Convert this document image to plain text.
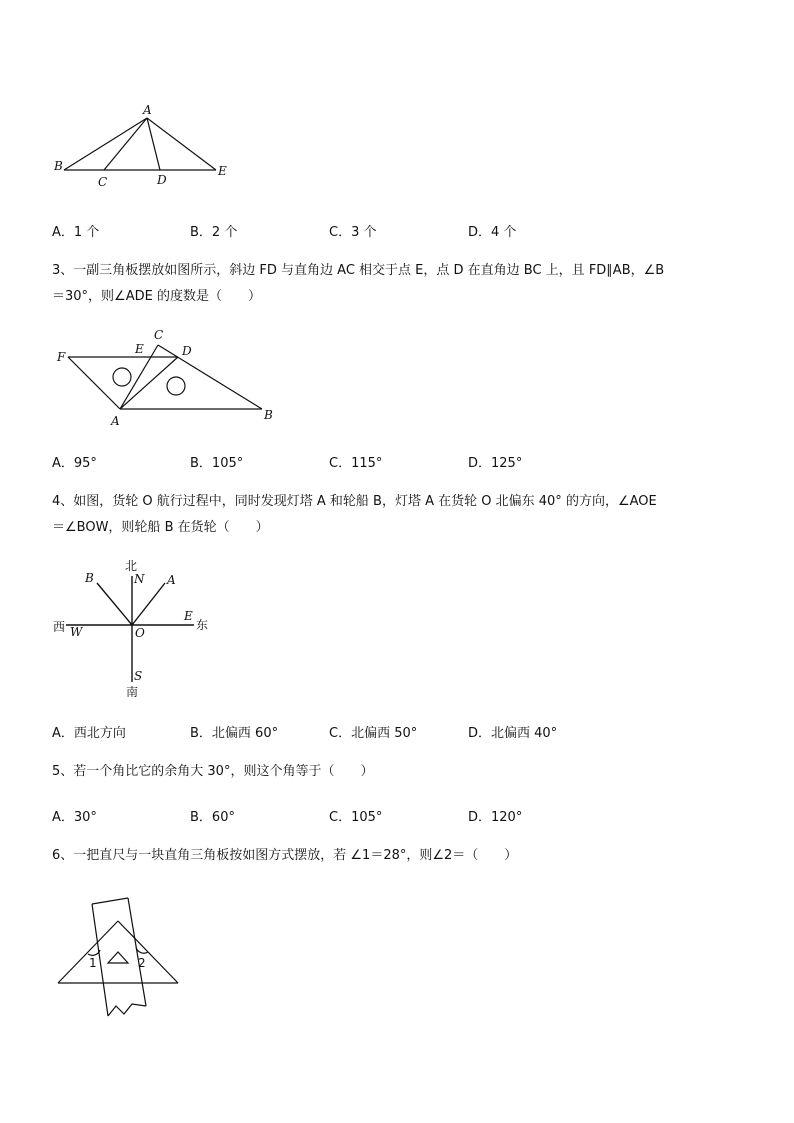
A
B
C	D
E
A．1 个	B．2 个	C．3 个	D．4 个
3、一副三角板摆放如图所示，斜边 FD 与直角边 AC 相交于点 E，点 D 在直角边 BC 上，且 FD∥AB，∠B
＝30°，则∠ADE 的度数是（　　）
F
E
C
D
A	B
A．95°	B．105°	C．115°	D．125°
4、如图，货轮 O 航行过程中，同时发现灯塔 A 和轮船 B，灯塔 A 在货轮 O 北偏东 40° 的方向，∠AOE
＝∠BOW，则轮船 B 在货轮（　　）
北
N A
B
西 W	O
E
东
S
南
A．西北方向	B．北偏西 60°	C．北偏西 50°	D．北偏西 40°
5、若一个角比它的余角大 30°，则这个角等于（　　）
A．30°	B．60°	C．105°	D．120°
6、一把直尺与一块直角三角板按如图方式摆放，若 ∠1＝28°，则∠2＝（　　）
1	2
